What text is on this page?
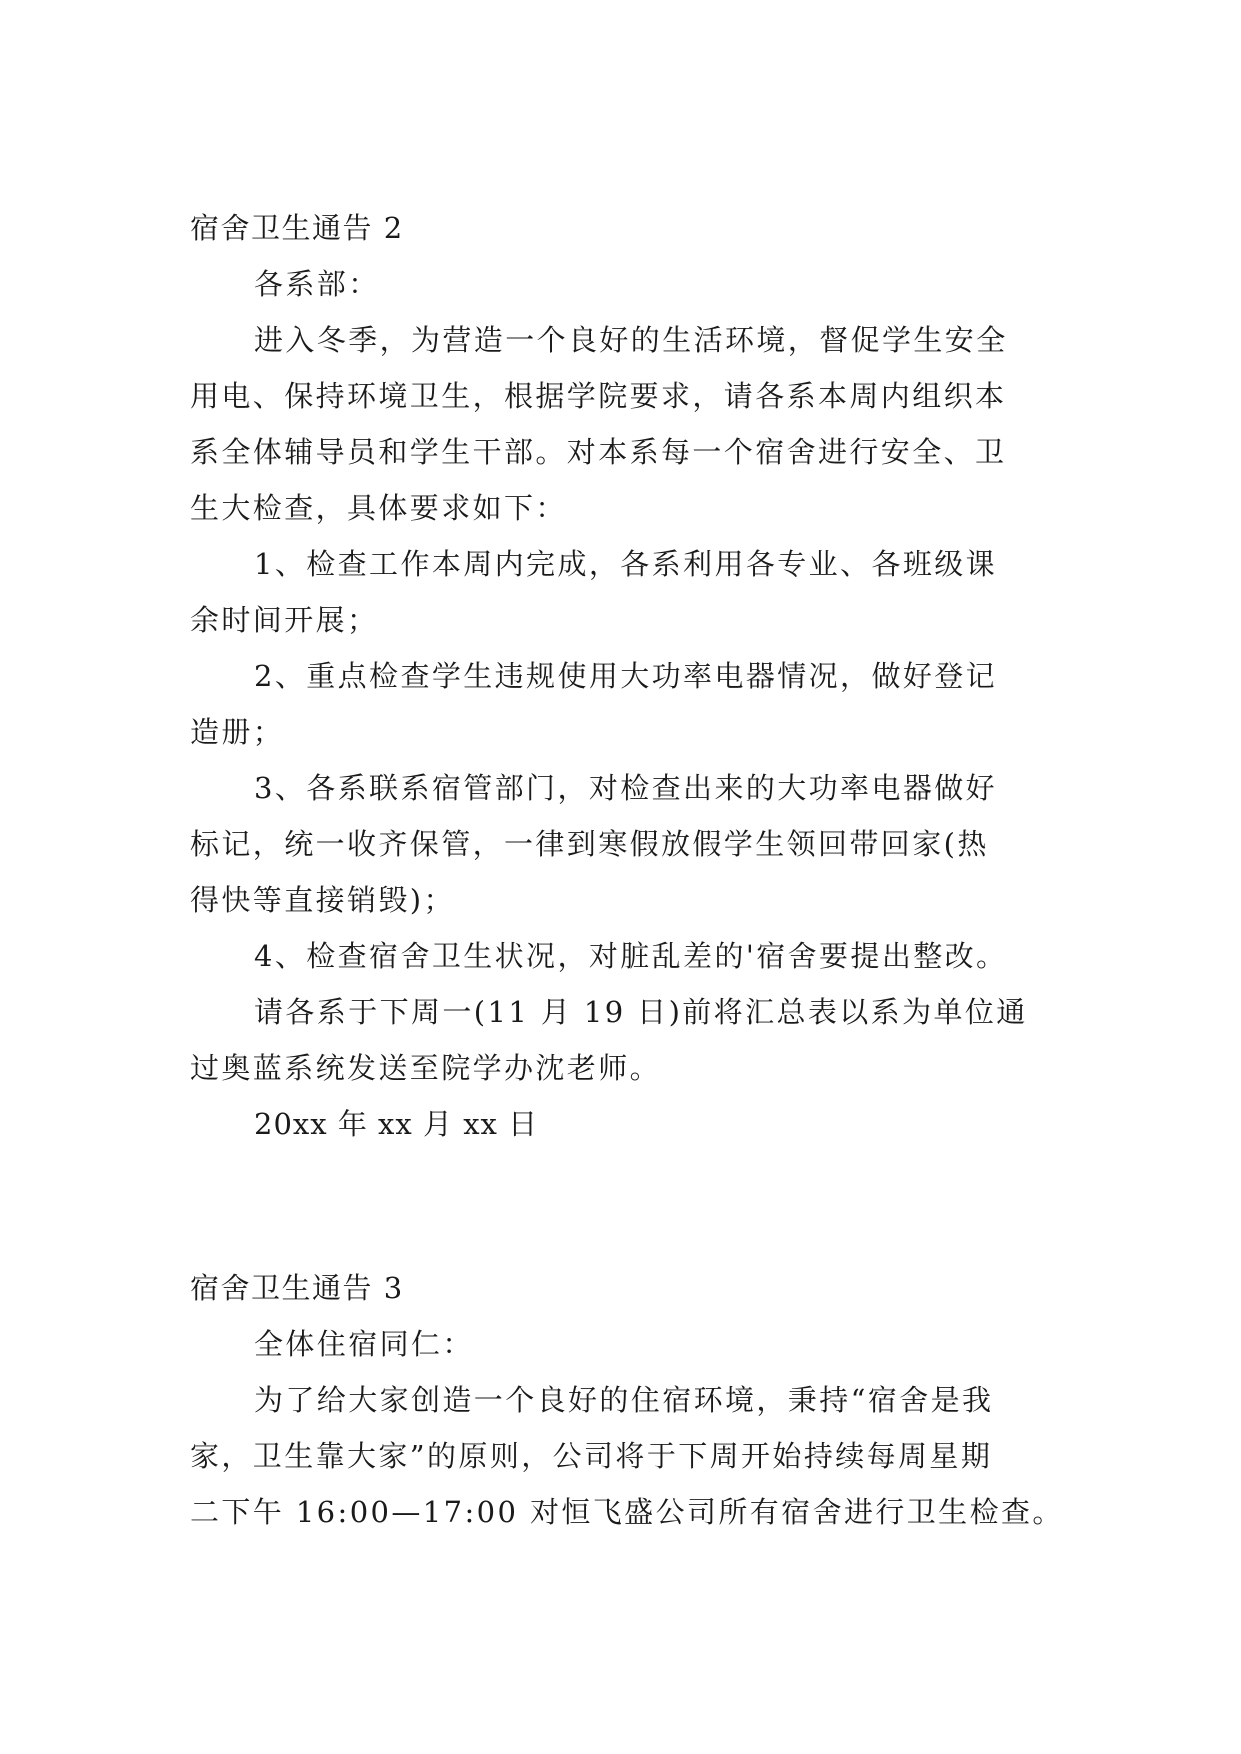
宿舍卫生通告 2

各系部：

进入冬季，为营造一个良好的生活环境，督促学生安全

用电、保持环境卫生，根据学院要求，请各系本周内组织本

系全体辅导员和学生干部。对本系每一个宿舍进行安全、卫

生大检查，具体要求如下：

1、检查工作本周内完成，各系利用各专业、各班级课

余时间开展；

2、重点检查学生违规使用大功率电器情况，做好登记

造册；

3、各系联系宿管部门，对检查出来的大功率电器做好

标记，统一收齐保管，一律到寒假放假学生领回带回家(热

得快等直接销毁)；

4、检查宿舍卫生状况，对脏乱差的'宿舍要提出整改。

请各系于下周一(11 月 19 日)前将汇总表以系为单位通

过奥蓝系统发送至院学办沈老师。

20xx 年 xx 月 xx 日

宿舍卫生通告 3

全体住宿同仁：

为了给大家创造一个良好的住宿环境，秉持“宿舍是我

家，卫生靠大家”的原则，公司将于下周开始持续每周星期

二下午 16:00—17:00 对恒飞盛公司所有宿舍进行卫生检查。
